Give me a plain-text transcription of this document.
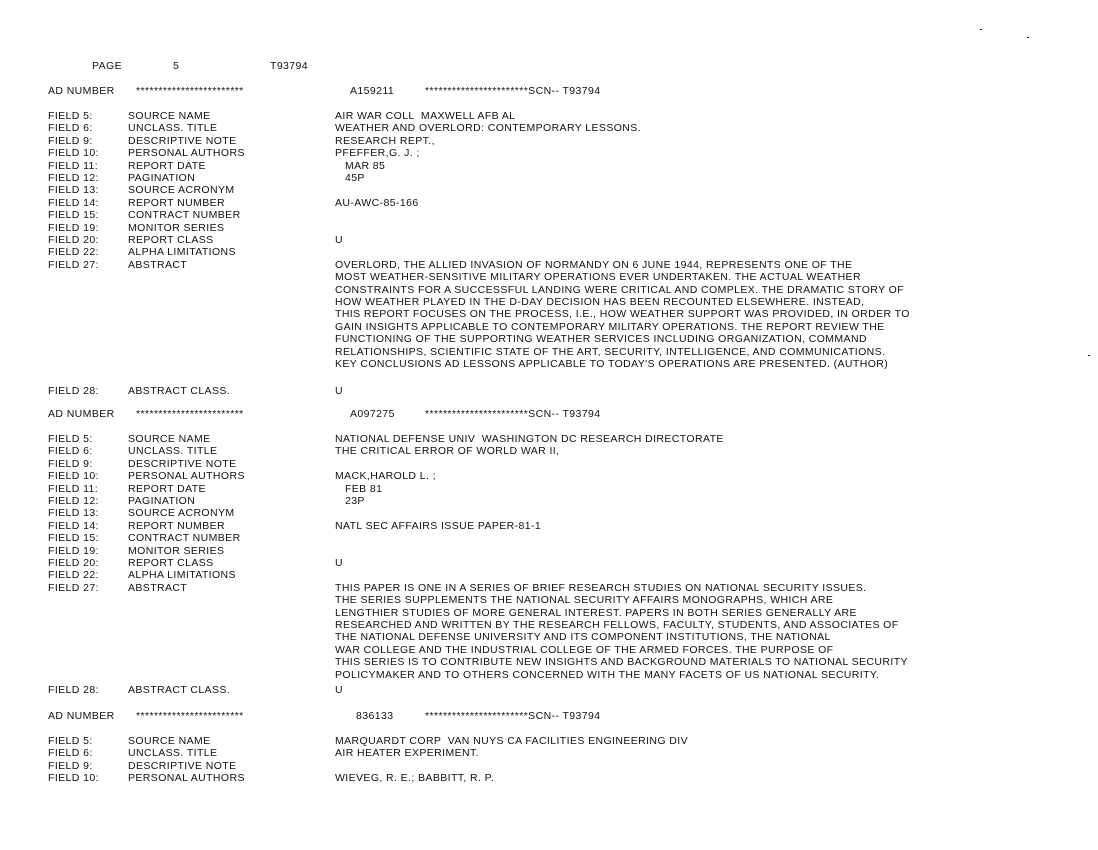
PAGE	5	T93794
AD NUMBER ************************	A159211	***********************SCN-- T93794
FIELD 5:	SOURCE NAME	AIR WAR COLL  MAXWELL AFB AL
FIELD 6:	UNCLASS. TITLE	WEATHER AND OVERLORD: CONTEMPORARY LESSONS.
FIELD 9:	DESCRIPTIVE NOTE	RESEARCH REPT.,
FIELD 10:	PERSONAL AUTHORS	PFEFFER,G. J. ;
FIELD 11:	REPORT DATE	MAR 85
FIELD 12:	PAGINATION	45P
FIELD 13:	SOURCE ACRONYM
FIELD 14:	REPORT NUMBER	AU-AWC-85-166
FIELD 15:	CONTRACT NUMBER
FIELD 19:	MONITOR SERIES
FIELD 20:	REPORT CLASS	U
FIELD 22:	ALPHA LIMITATIONS
FIELD 27:	ABSTRACT	OVERLORD, THE ALLIED INVASION OF NORMANDY ON 6 JUNE 1944, REPRESENTS ONE OF THE
MOST WEATHER-SENSITIVE MILITARY OPERATIONS EVER UNDERTAKEN. THE ACTUAL WEATHER
CONSTRAINTS FOR A SUCCESSFUL LANDING WERE CRITICAL AND COMPLEX. THE DRAMATIC STORY OF
HOW WEATHER PLAYED IN THE D-DAY DECISION HAS BEEN RECOUNTED ELSEWHERE. INSTEAD,
THIS REPORT FOCUSES ON THE PROCESS, I.E., HOW WEATHER SUPPORT WAS PROVIDED, IN ORDER TO
GAIN INSIGHTS APPLICABLE TO CONTEMPORARY MILITARY OPERATIONS. THE REPORT REVIEW THE
FUNCTIONING OF THE SUPPORTING WEATHER SERVICES INCLUDING ORGANIZATION, COMMAND
RELATIONSHIPS, SCIENTIFIC STATE OF THE ART, SECURITY, INTELLIGENCE, AND COMMUNICATIONS.
KEY CONCLUSIONS AD LESSONS APPLICABLE TO TODAY'S OPERATIONS ARE PRESENTED. (AUTHOR)
FIELD 28:	ABSTRACT CLASS.	U
AD NUMBER ************************	A097275	***********************SCN-- T93794
FIELD 5:	SOURCE NAME	NATIONAL DEFENSE UNIV  WASHINGTON DC RESEARCH DIRECTORATE
FIELD 6:	UNCLASS. TITLE	THE CRITICAL ERROR OF WORLD WAR II,
FIELD 9:	DESCRIPTIVE NOTE
FIELD 10:	PERSONAL AUTHORS	MACK,HAROLD L. ;
FIELD 11:	REPORT DATE	FEB 81
FIELD 12:	PAGINATION	23P
FIELD 13:	SOURCE ACRONYM
FIELD 14:	REPORT NUMBER	NATL SEC AFFAIRS ISSUE PAPER-81-1
FIELD 15:	CONTRACT NUMBER
FIELD 19:	MONITOR SERIES
FIELD 20:	REPORT CLASS	U
FIELD 22:	ALPHA LIMITATIONS
FIELD 27:	ABSTRACT	THIS PAPER IS ONE IN A SERIES OF BRIEF RESEARCH STUDIES ON NATIONAL SECURITY ISSUES.
THE SERIES SUPPLEMENTS THE NATIONAL SECURITY AFFAIRS MONOGRAPHS, WHICH ARE
LENGTHIER STUDIES OF MORE GENERAL INTEREST. PAPERS IN BOTH SERIES GENERALLY ARE
RESEARCHED AND WRITTEN BY THE RESEARCH FELLOWS, FACULTY, STUDENTS, AND ASSOCIATES OF
THE NATIONAL DEFENSE UNIVERSITY AND ITS COMPONENT INSTITUTIONS, THE NATIONAL
WAR COLLEGE AND THE INDUSTRIAL COLLEGE OF THE ARMED FORCES. THE PURPOSE OF
THIS SERIES IS TO CONTRIBUTE NEW INSIGHTS AND BACKGROUND MATERIALS TO NATIONAL SECURITY
POLICYMAKER AND TO OTHERS CONCERNED WITH THE MANY FACETS OF US NATIONAL SECURITY.
FIELD 28:	ABSTRACT CLASS.	U
AD NUMBER ************************	836133	***********************SCN-- T93794
FIELD 5:	SOURCE NAME	MARQUARDT CORP  VAN NUYS CA FACILITIES ENGINEERING DIV
FIELD 6:	UNCLASS. TITLE	AIR HEATER EXPERIMENT.
FIELD 9:	DESCRIPTIVE NOTE
FIELD 10:	PERSONAL AUTHORS	WIEVEG, R. E.; BABBITT, R. P.
